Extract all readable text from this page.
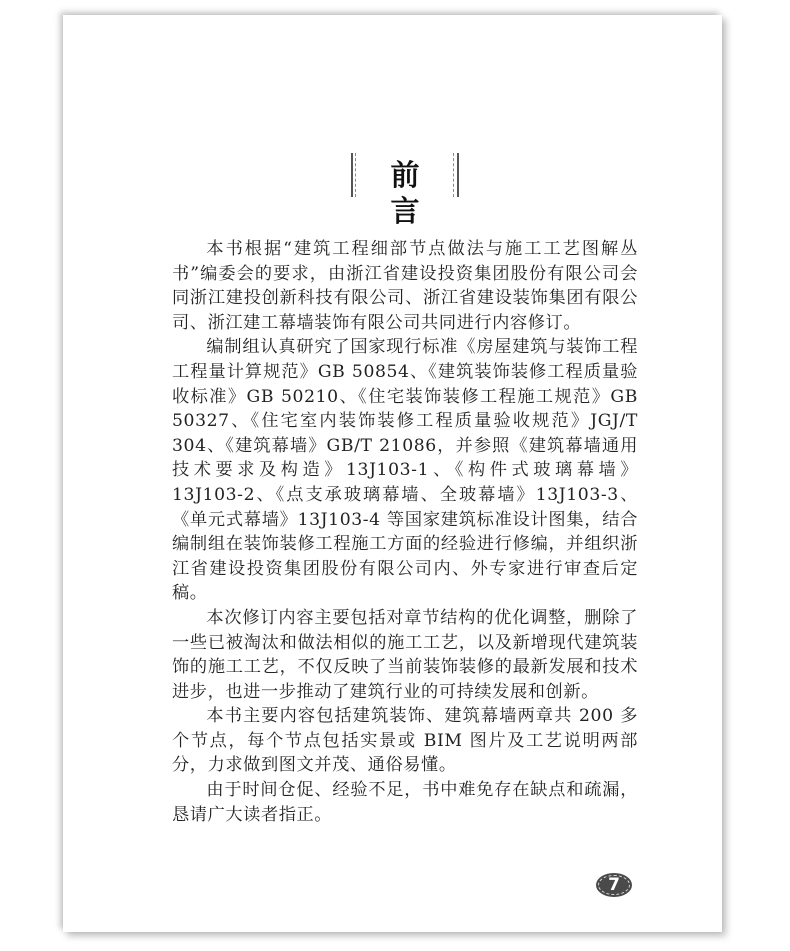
前言

本书根据“建筑工程细部节点做法与施工工艺图解丛书”编委会的要求，由浙江省建设投资集团股份有限公司会同浙江建投创新科技有限公司、浙江省建设装饰集团有限公司、浙江建工幕墙装饰有限公司共同进行内容修订。

编制组认真研究了国家现行标准《房屋建筑与装饰工程工程量计算规范》GB 50854、《建筑装饰装修工程质量验收标准》GB 50210、《住宅装饰装修工程施工规范》GB 50327、《住宅室内装饰装修工程质量验收规范》JGJ/T 304、《建筑幕墙》GB/T 21086，并参照《建筑幕墙通用技术要求及构造》13J103-1、《构件式玻璃幕墙》13J103-2、《点支承玻璃幕墙、全玻幕墙》13J103-3、《单元式幕墙》13J103-4 等国家建筑标准设计图集，结合编制组在装饰装修工程施工方面的经验进行修编，并组织浙江省建设投资集团股份有限公司内、外专家进行审查后定稿。

本次修订内容主要包括对章节结构的优化调整，删除了一些已被淘汰和做法相似的施工工艺，以及新增现代建筑装饰的施工工艺，不仅反映了当前装饰装修的最新发展和技术进步，也进一步推动了建筑行业的可持续发展和创新。

本书主要内容包括建筑装饰、建筑幕墙两章共 200 多个节点，每个节点包括实景或 BIM 图片及工艺说明两部分，力求做到图文并茂、通俗易懂。

由于时间仓促、经验不足，书中难免存在缺点和疏漏，恳请广大读者指正。

7
